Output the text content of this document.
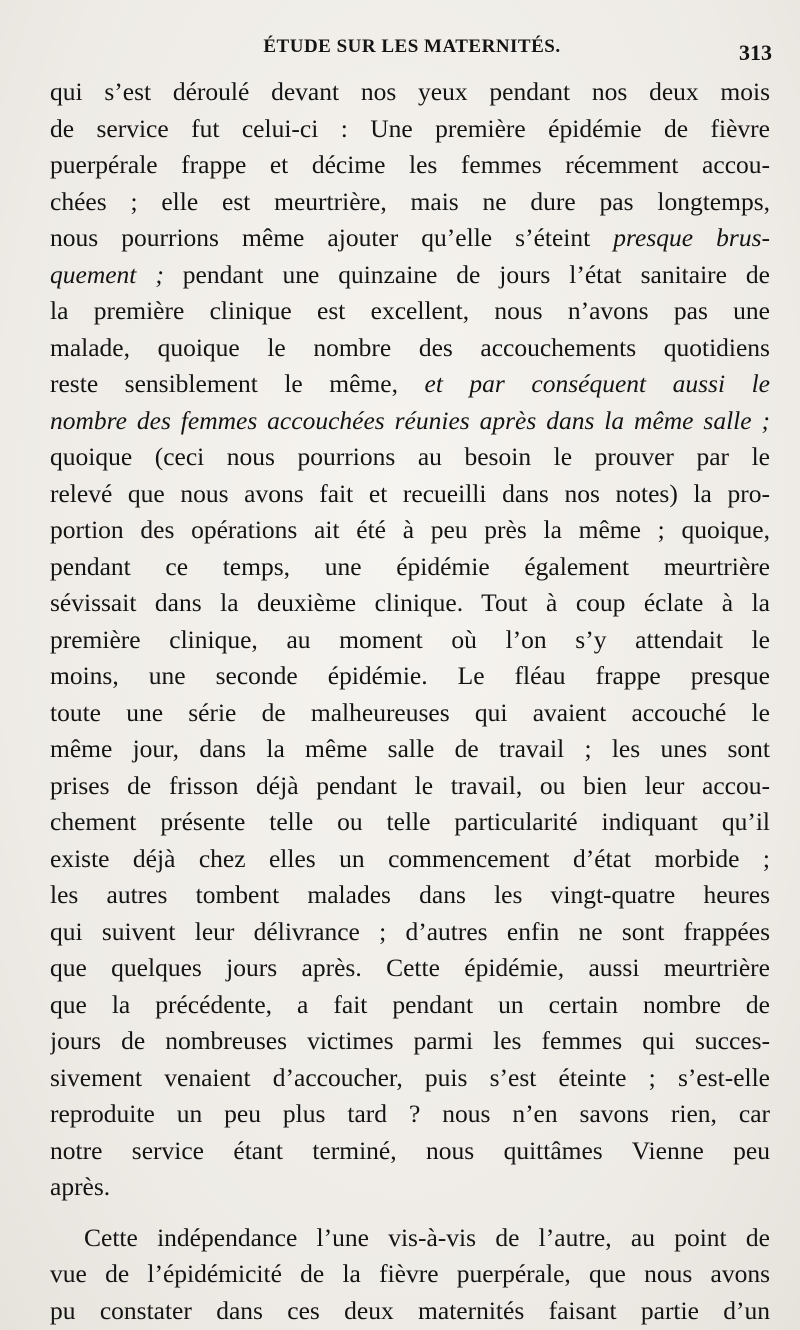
ÉTUDE SUR LES MATERNITÉS.	313
qui s’est déroulé devant nos yeux pendant nos deux mois
de service fut celui-ci : Une première épidémie de fièvre
puerpérale frappe et décime les femmes récemment accou-
chées ; elle est meurtrière, mais ne dure pas longtemps,
nous pourrions même ajouter qu’elle s’éteint presque brus-
quement ; pendant une quinzaine de jours l’état sanitaire de
la première clinique est excellent, nous n’avons pas une
malade, quoique le nombre des accouchements quotidiens
reste sensiblement le même, et par conséquent aussi le
nombre des femmes accouchées réunies après dans la même salle ;
quoique (ceci nous pourrions au besoin le prouver par le
relevé que nous avons fait et recueilli dans nos notes) la pro-
portion des opérations ait été à peu près la même ; quoique,
pendant ce temps, une épidémie également meurtrière
sévissait dans la deuxième clinique. Tout à coup éclate à la
première clinique, au moment où l’on s’y attendait le
moins, une seconde épidémie. Le fléau frappe presque
toute une série de malheureuses qui avaient accouché le
même jour, dans la même salle de travail ; les unes sont
prises de frisson déjà pendant le travail, ou bien leur accou-
chement présente telle ou telle particularité indiquant qu’il
existe déjà chez elles un commencement d’état morbide ;
les autres tombent malades dans les vingt-quatre heures
qui suivent leur délivrance ; d’autres enfin ne sont frappées
que quelques jours après. Cette épidémie, aussi meurtrière
que la précédente, a fait pendant un certain nombre de
jours de nombreuses victimes parmi les femmes qui succes-
sivement venaient d’accoucher, puis s’est éteinte ; s’est-elle
reproduite un peu plus tard ? nous n’en savons rien, car
notre service étant terminé, nous quittâmes Vienne peu
après.
Cette indépendance l’une vis-à-vis de l’autre, au point de
vue de l’épidémicité de la fièvre puerpérale, que nous avons
pu constater dans ces deux maternités faisant partie d’un
